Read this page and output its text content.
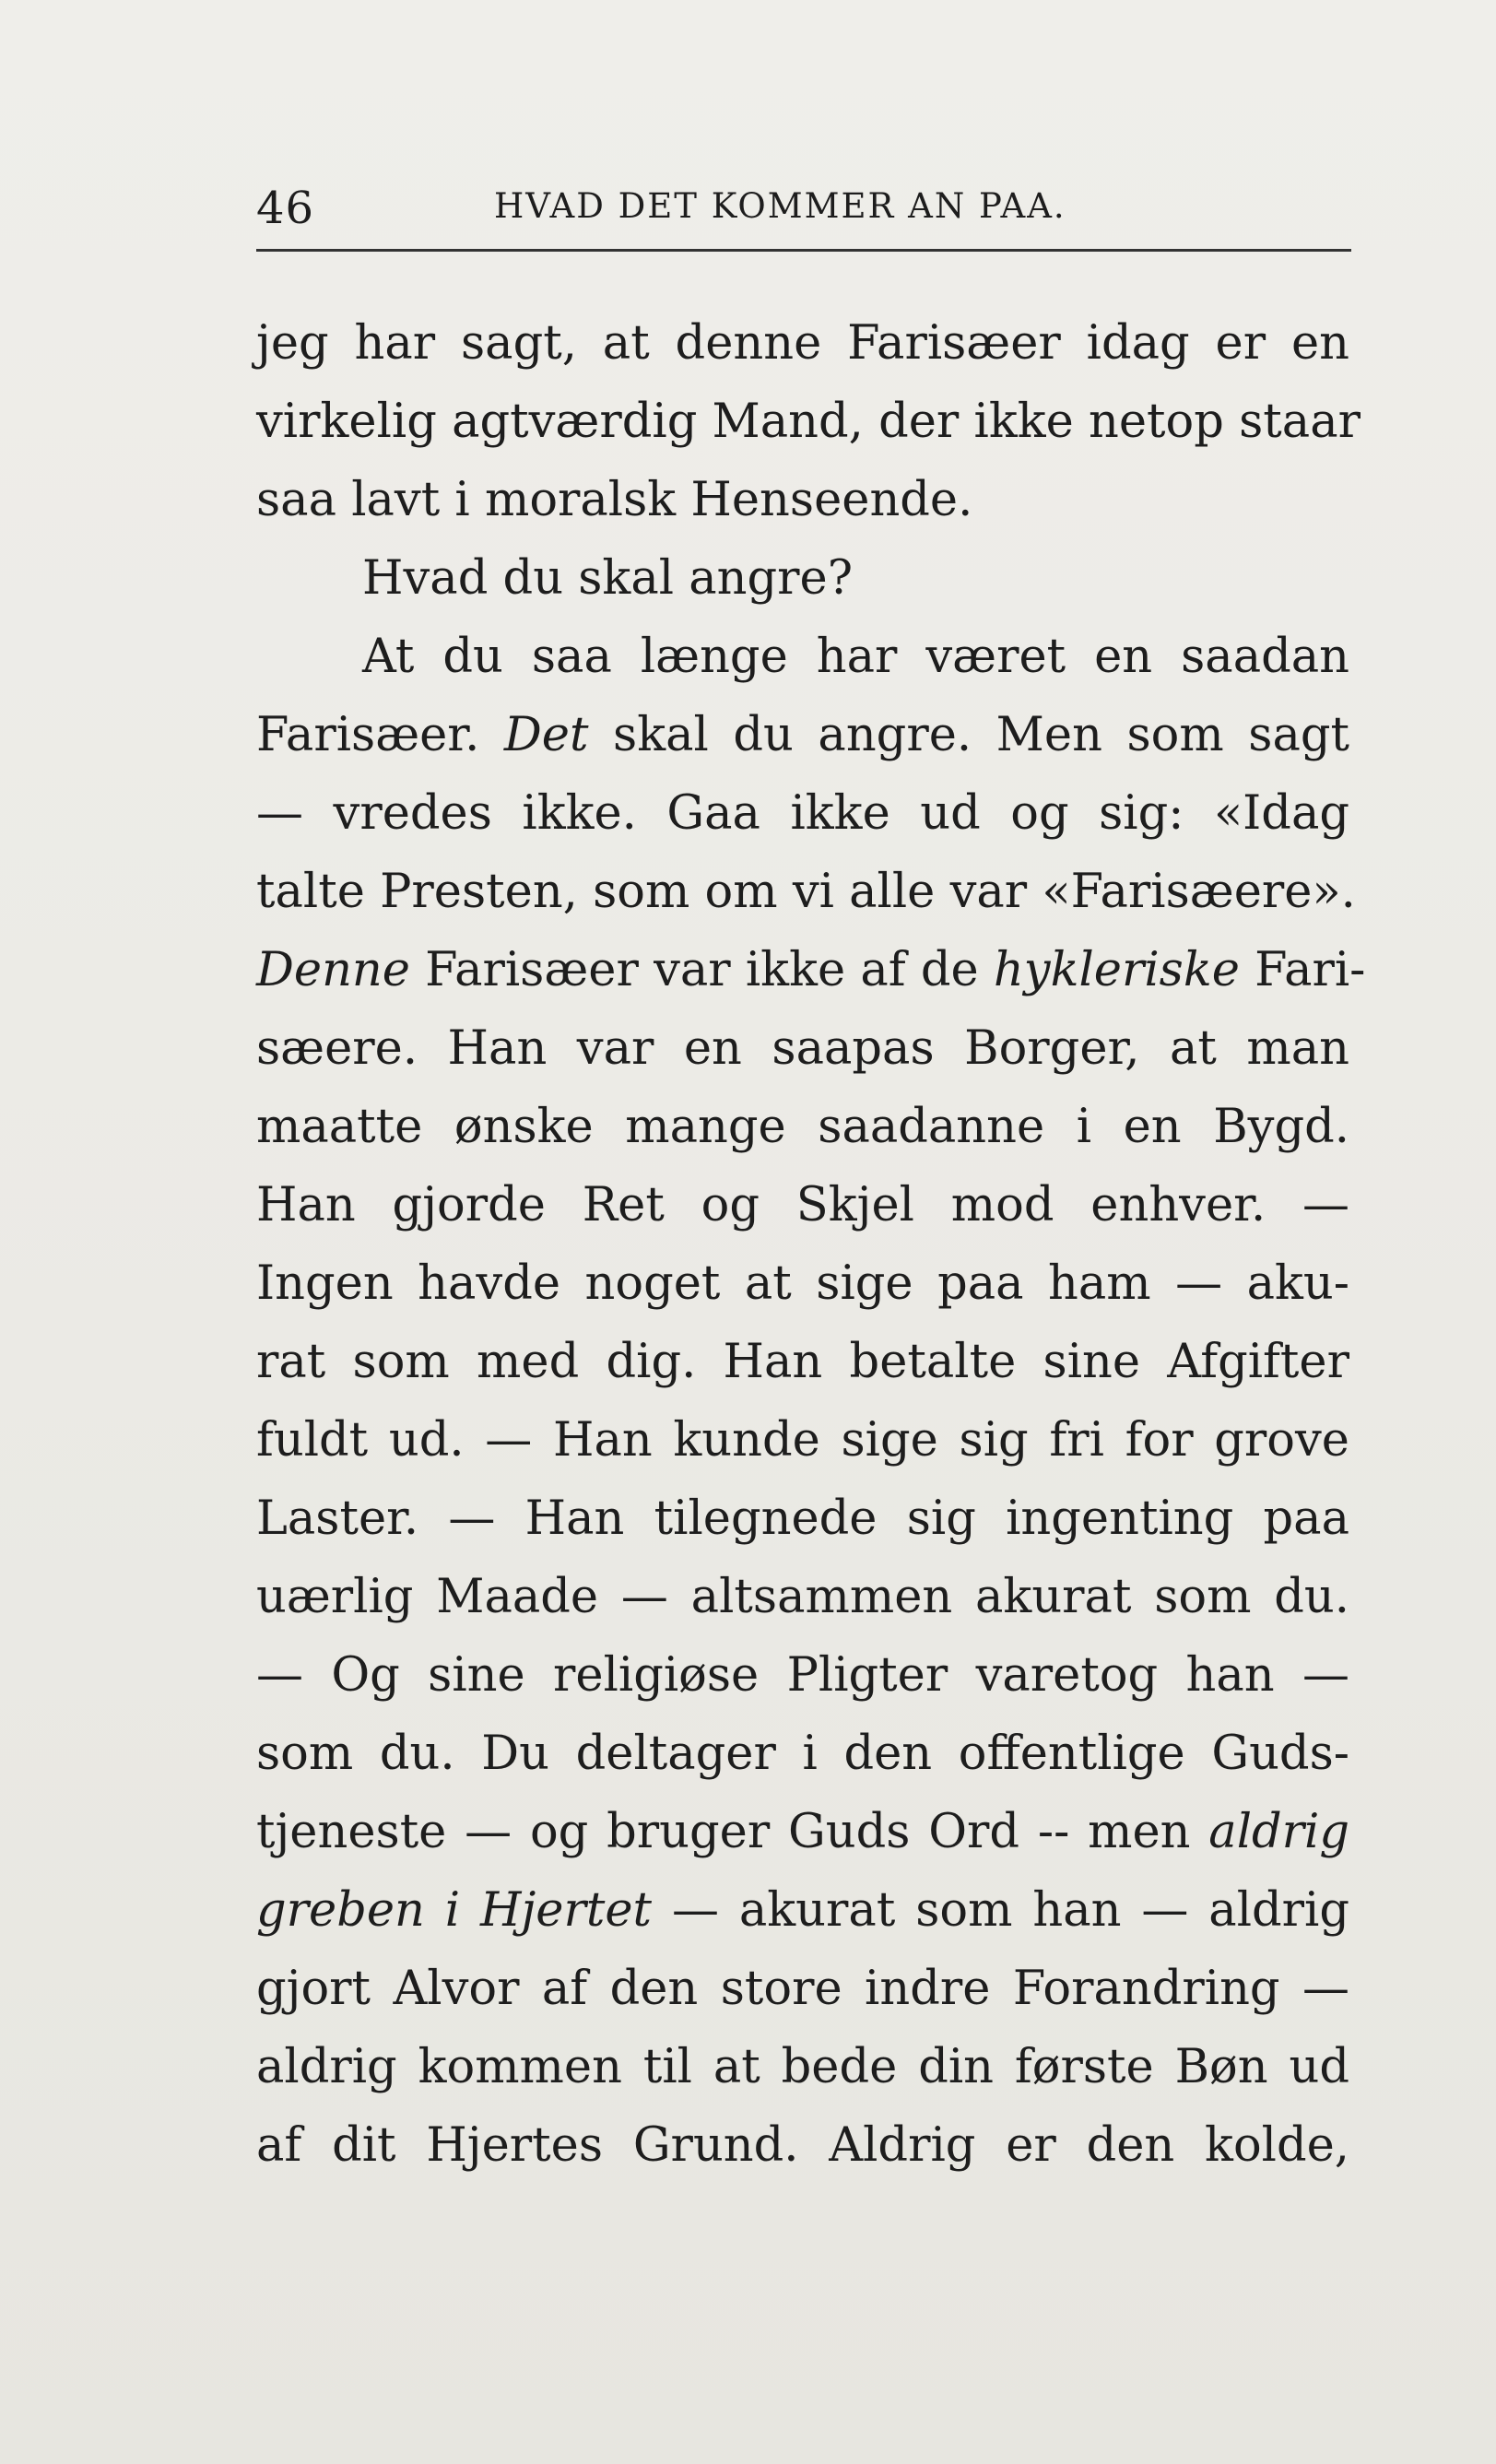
46	HVAD DET KOMMER AN PAA.
jeg har sagt, at denne Farisæer idag er en
virkelig agtværdig Mand, der ikke netop staar
saa lavt i moralsk Henseende.
Hvad du skal angre?
At du saa længe har været en saadan
Farisæer. Det skal du angre. Men som sagt
— vredes ikke. Gaa ikke ud og sig: «Idag
talte Presten, som om vi alle var «Farisæere».
Denne Farisæer var ikke af de hykleriske Fari-
sæere. Han var en saapas Borger, at man
maatte ønske mange saadanne i en Bygd.
Han gjorde Ret og Skjel mod enhver. —
Ingen havde noget at sige paa ham — aku-
rat som med dig. Han betalte sine Afgifter
fuldt ud. — Han kunde sige sig fri for grove
Laster. — Han tilegnede sig ingenting paa
uærlig Maade — altsammen akurat som du.
— Og sine religiøse Pligter varetog han —
som du. Du deltager i den offentlige Guds-
tjeneste — og bruger Guds Ord -- men aldrig
greben i Hjertet — akurat som han — aldrig
gjort Alvor af den store indre Forandring —
aldrig kommen til at bede din første Bøn ud
af dit Hjertes Grund. Aldrig er den kolde,
